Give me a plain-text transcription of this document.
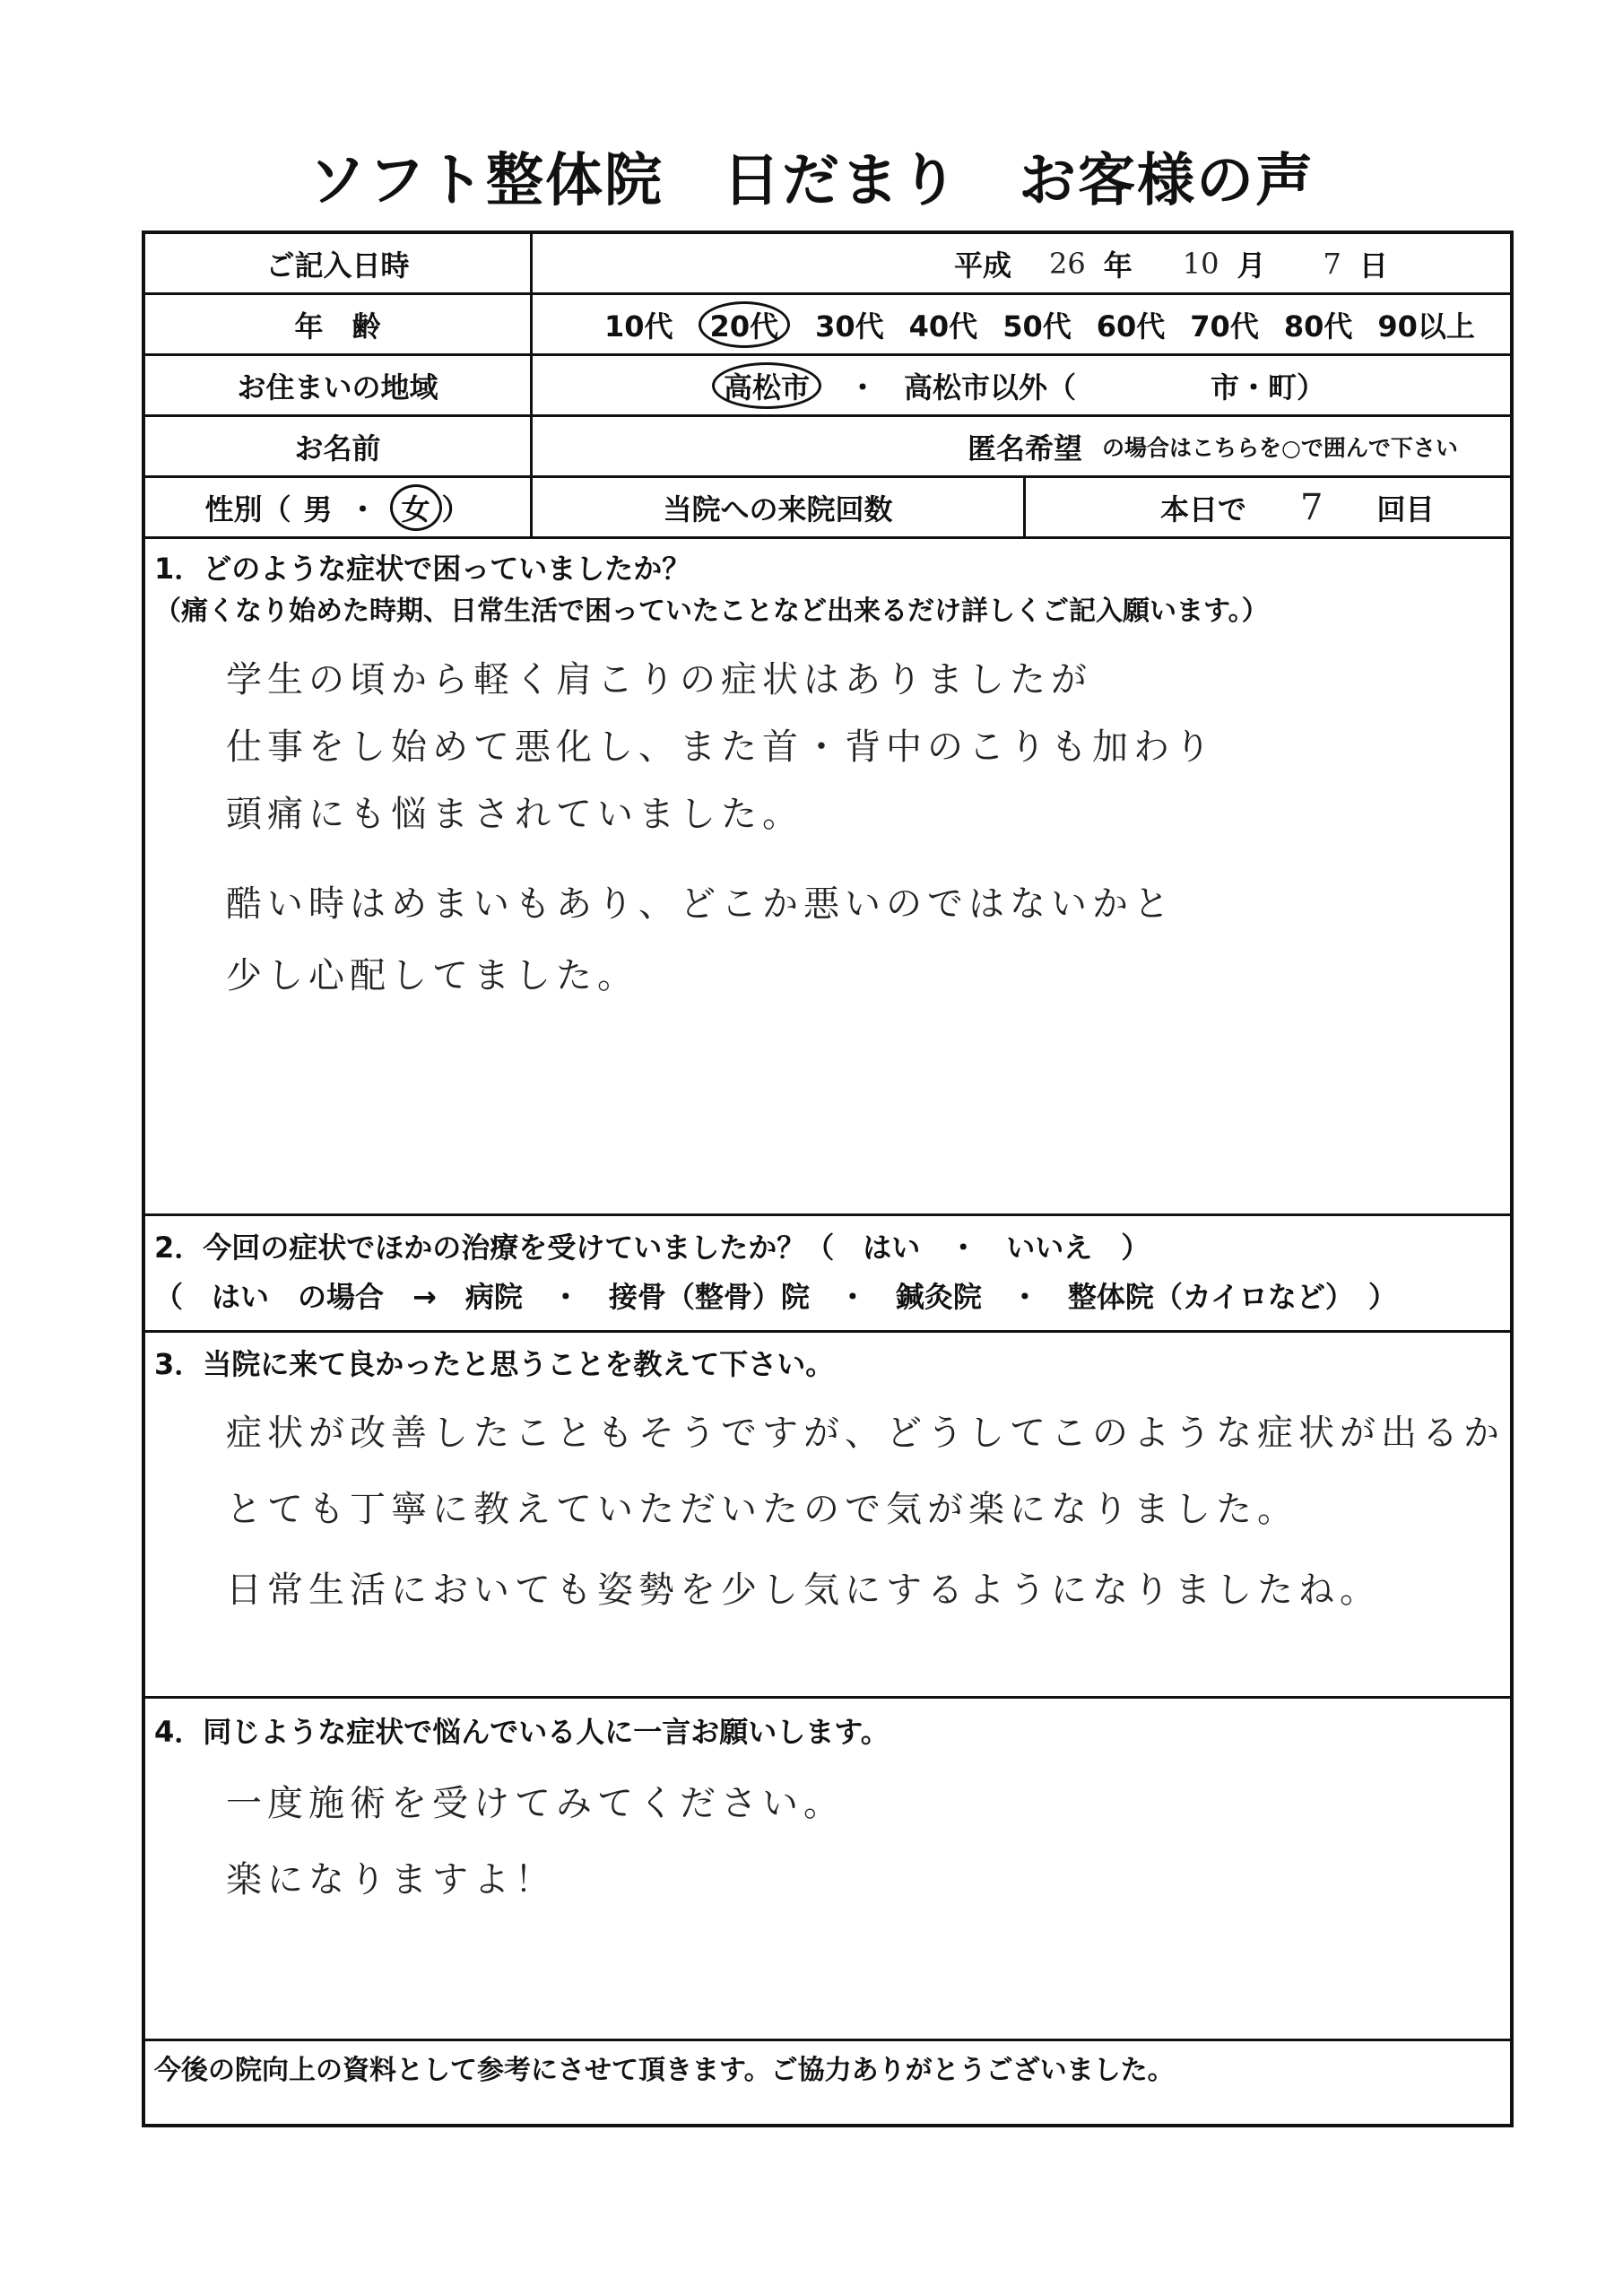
ソフト整体院　日だまり　お客様の声
ご記入日時	平成 26 年 10 月 7 日
年　齢	10代	20代	30代 40代 50代 60代 70代 80代 90以上
お住まいの地域	高松市	・ 高松市以外（	市・町）
お名前	匿名希望 の場合はこちらを○で囲んで下さい
性別（ 男 ・ 女 ）	当院への来院回数	本日で 7 回目
1．どのような症状で困っていましたか？
（痛くなり始めた時期、日常生活で困っていたことなど出来るだけ詳しくご記入願います。）
学生の頃から軽く肩こりの症状はありましたが
仕事をし始めて悪化し、また首・背中のこりも加わり
頭痛にも悩まされていました。
酷い時はめまいもあり、どこか悪いのではないかと
少し心配してました。
2．今回の症状でほかの治療を受けていましたか？（　はい　・　いいえ　）
（　はい　の場合　→　病院　・　接骨（整骨）院　・　鍼灸院　・　整体院（カイロなど）　）
3．当院に来て良かったと思うことを教えて下さい。
症状が改善したこともそうですが、どうしてこのような症状が出るか
とても丁寧に教えていただいたので気が楽になりました。
日常生活においても姿勢を少し気にするようになりましたね。
4．同じような症状で悩んでいる人に一言お願いします。
一度施術を受けてみてください。
楽になりますよ！
今後の院向上の資料として参考にさせて頂きます。ご協力ありがとうございました。
